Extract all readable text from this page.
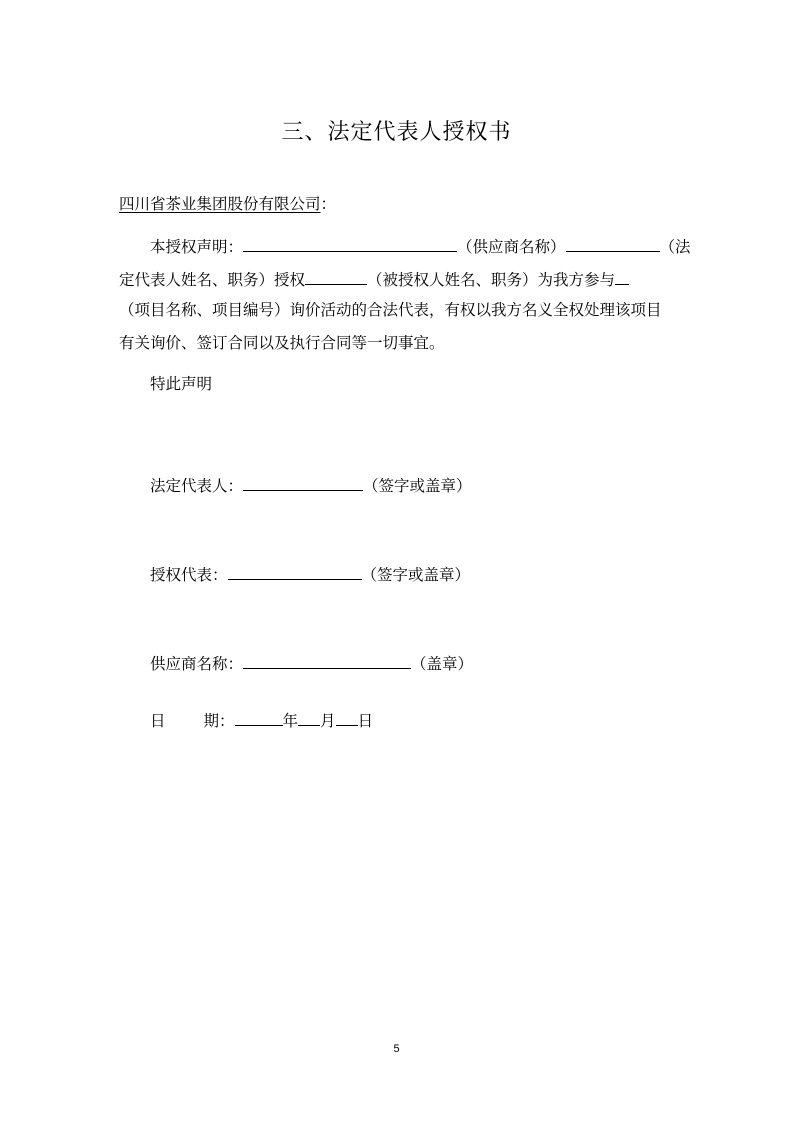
三、法定代表人授权书
四川省茶业集团股份有限公司：
本授权声明：	（供应商名称）	（法
定代表人姓名、职务）授权	（被授权人姓名、职务）为我方参与
（项目名称、项目编号）询价活动的合法代表，有权以我方名义全权处理该项目
有关询价、签订合同以及执行合同等一切事宜。
特此声明
法定代表人：	（签字或盖章）
授权代表：	（签字或盖章）
供应商名称：	（盖章）
日 期：	年 月 日
5
